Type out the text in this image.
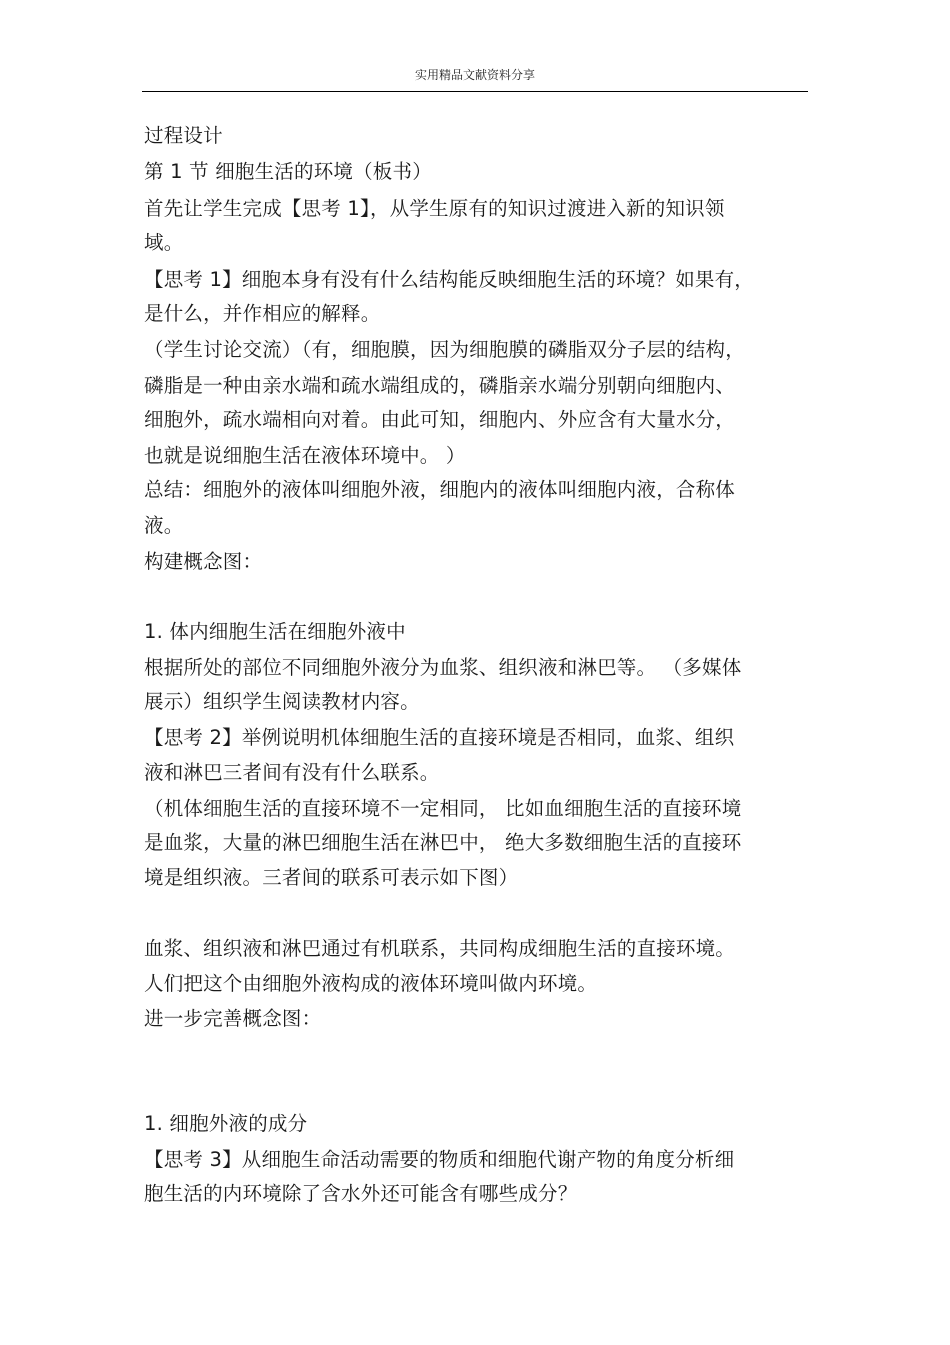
实用精品文献资料分享
过程设计
第 1 节 细胞生活的环境（板书）
首先让学生完成【思考 1】，从学生原有的知识过渡进入新的知识领
域。
【思考 1】细胞本身有没有什么结构能反映细胞生活的环境？如果有，
是什么，并作相应的解释。
（学生讨论交流）（有，细胞膜，因为细胞膜的磷脂双分子层的结构，
磷脂是一种由亲水端和疏水端组成的，磷脂亲水端分别朝向细胞内、
细胞外，疏水端相向对着。由此可知，细胞内、外应含有大量水分，
也就是说细胞生活在液体环境中。 ）
总结：细胞外的液体叫细胞外液，细胞内的液体叫细胞内液，合称体
液。
构建概念图：
1. 体内细胞生活在细胞外液中
根据所处的部位不同细胞外液分为血浆、组织液和淋巴等。 （多媒体
展示）组织学生阅读教材内容。
【思考 2】举例说明机体细胞生活的直接环境是否相同，血浆、组织
液和淋巴三者间有没有什么联系。
（机体细胞生活的直接环境不一定相同， 比如血细胞生活的直接环境
是血浆，大量的淋巴细胞生活在淋巴中， 绝大多数细胞生活的直接环
境是组织液。三者间的联系可表示如下图）
血浆、组织液和淋巴通过有机联系，共同构成细胞生活的直接环境。
人们把这个由细胞外液构成的液体环境叫做内环境。
进一步完善概念图：
1. 细胞外液的成分
【思考 3】从细胞生命活动需要的物质和细胞代谢产物的角度分析细
胞生活的内环境除了含水外还可能含有哪些成分？
